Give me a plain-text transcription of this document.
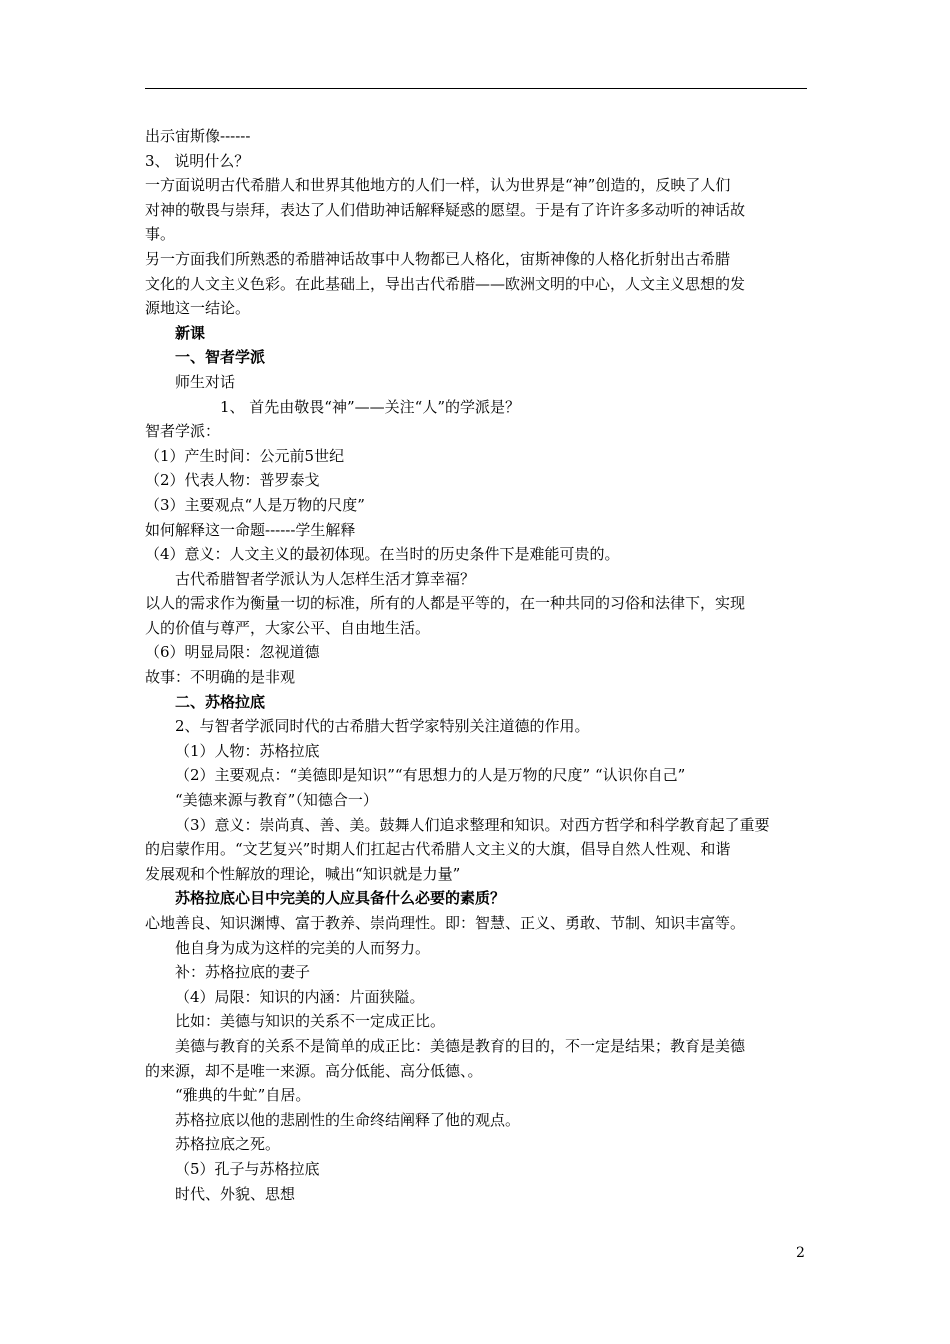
出示宙斯像------

3、 说明什么？

一方面说明古代希腊人和世界其他地方的人们一样，认为世界是“神”创造的，反映了人们

对神的敬畏与崇拜，表达了人们借助神话解释疑惑的愿望。于是有了许许多多动听的神话故

事。

另一方面我们所熟悉的希腊神话故事中人物都已人格化，宙斯神像的人格化折射出古希腊

文化的人文主义色彩。在此基础上，导出古代希腊——欧洲文明的中心，人文主义思想的发

源地这一结论。

新课

一、智者学派

师生对话

1、 首先由敬畏“神”——关注“人”的学派是？

智者学派：

（1）产生时间：公元前5世纪

（2）代表人物：普罗泰戈

（3）主要观点“人是万物的尺度”

如何解释这一命题------学生解释

（4）意义：人文主义的最初体现。在当时的历史条件下是难能可贵的。

古代希腊智者学派认为人怎样生活才算幸福？

以人的需求作为衡量一切的标准，所有的人都是平等的，在一种共同的习俗和法律下，实现

人的价值与尊严，大家公平、自由地生活。

（6）明显局限：忽视道德

故事：不明确的是非观

二、苏格拉底

2、与智者学派同时代的古希腊大哲学家特别关注道德的作用。

（1）人物：苏格拉底

（2）主要观点：“美德即是知识”“有思想力的人是万物的尺度” “认识你自己”

“美德来源与教育”（知德合一）

（3）意义：崇尚真、善、美。鼓舞人们追求整理和知识。对西方哲学和科学教育起了重要

的启蒙作用。“文艺复兴”时期人们扛起古代希腊人文主义的大旗，倡导自然人性观、和谐

发展观和个性解放的理论，喊出“知识就是力量”

苏格拉底心目中完美的人应具备什么必要的素质？

心地善良、知识渊博、富于教养、崇尚理性。即：智慧、正义、勇敢、节制、知识丰富等。

他自身为成为这样的完美的人而努力。

补：苏格拉底的妻子

（4）局限：知识的内涵：片面狭隘。

比如：美德与知识的关系不一定成正比。

美德与教育的关系不是简单的成正比：美德是教育的目的，不一定是结果；教育是美德

的来源，却不是唯一来源。高分低能、高分低德、。

“雅典的牛虻”自居。

苏格拉底以他的悲剧性的生命终结阐释了他的观点。

苏格拉底之死。

（5）孔子与苏格拉底

时代、外貌、思想

2
